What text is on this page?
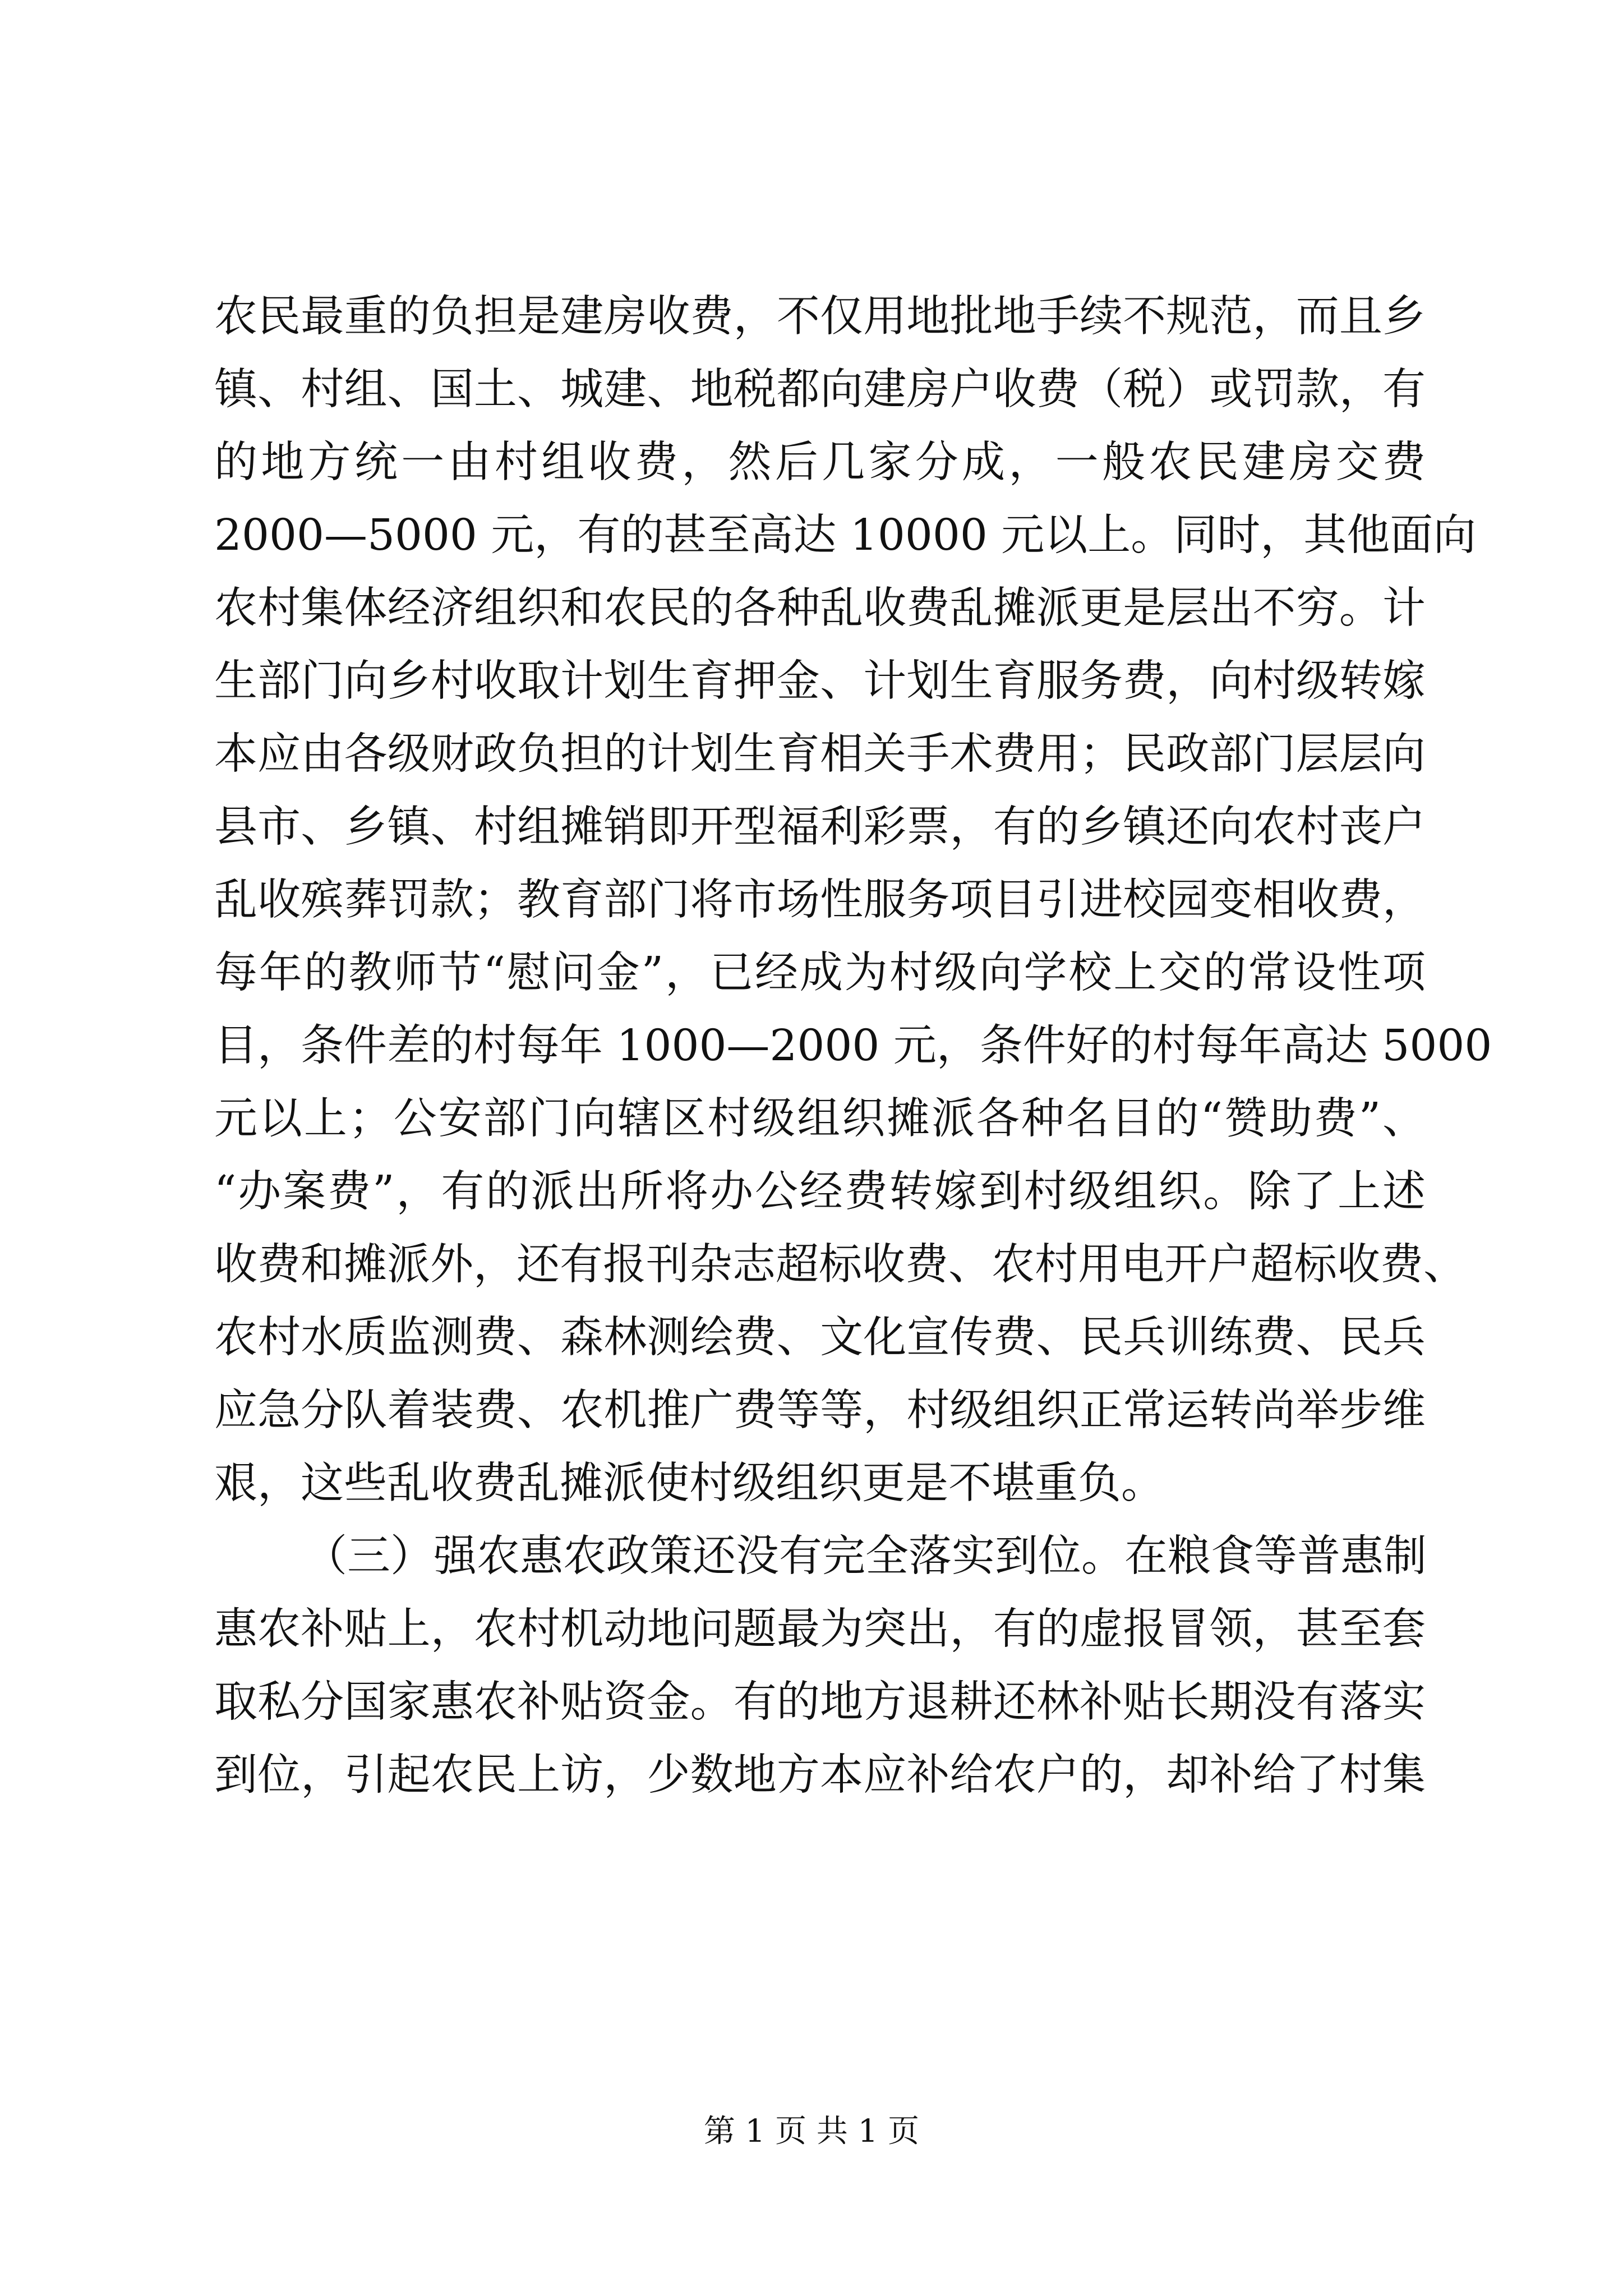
农民最重的负担是建房收费，不仅用地批地手续不规范，而且乡
镇、村组、国土、城建、地税都向建房户收费（税）或罚款，有
的地方统一由村组收费，然后几家分成，一般农民建房交费
2000—5000 元，有的甚至高达 10000 元以上。同时，其他面向
农村集体经济组织和农民的各种乱收费乱摊派更是层出不穷。计
生部门向乡村收取计划生育押金、计划生育服务费，向村级转嫁
本应由各级财政负担的计划生育相关手术费用；民政部门层层向
县市、乡镇、村组摊销即开型福利彩票，有的乡镇还向农村丧户
乱收殡葬罚款；教育部门将市场性服务项目引进校园变相收费，
每年的教师节“慰问金”，已经成为村级向学校上交的常设性项
目，条件差的村每年 1000—2000 元，条件好的村每年高达 5000
元以上；公安部门向辖区村级组织摊派各种名目的“赞助费”、
“办案费”，有的派出所将办公经费转嫁到村级组织。除了上述
收费和摊派外，还有报刊杂志超标收费、农村用电开户超标收费、
农村水质监测费、森林测绘费、文化宣传费、民兵训练费、民兵
应急分队着装费、农机推广费等等，村级组织正常运转尚举步维
艰，这些乱收费乱摊派使村级组织更是不堪重负。
（三）强农惠农政策还没有完全落实到位。在粮食等普惠制
惠农补贴上，农村机动地问题最为突出，有的虚报冒领，甚至套
取私分国家惠农补贴资金。有的地方退耕还林补贴长期没有落实
到位，引起农民上访，少数地方本应补给农户的，却补给了村集
第 1 页 共 1 页
